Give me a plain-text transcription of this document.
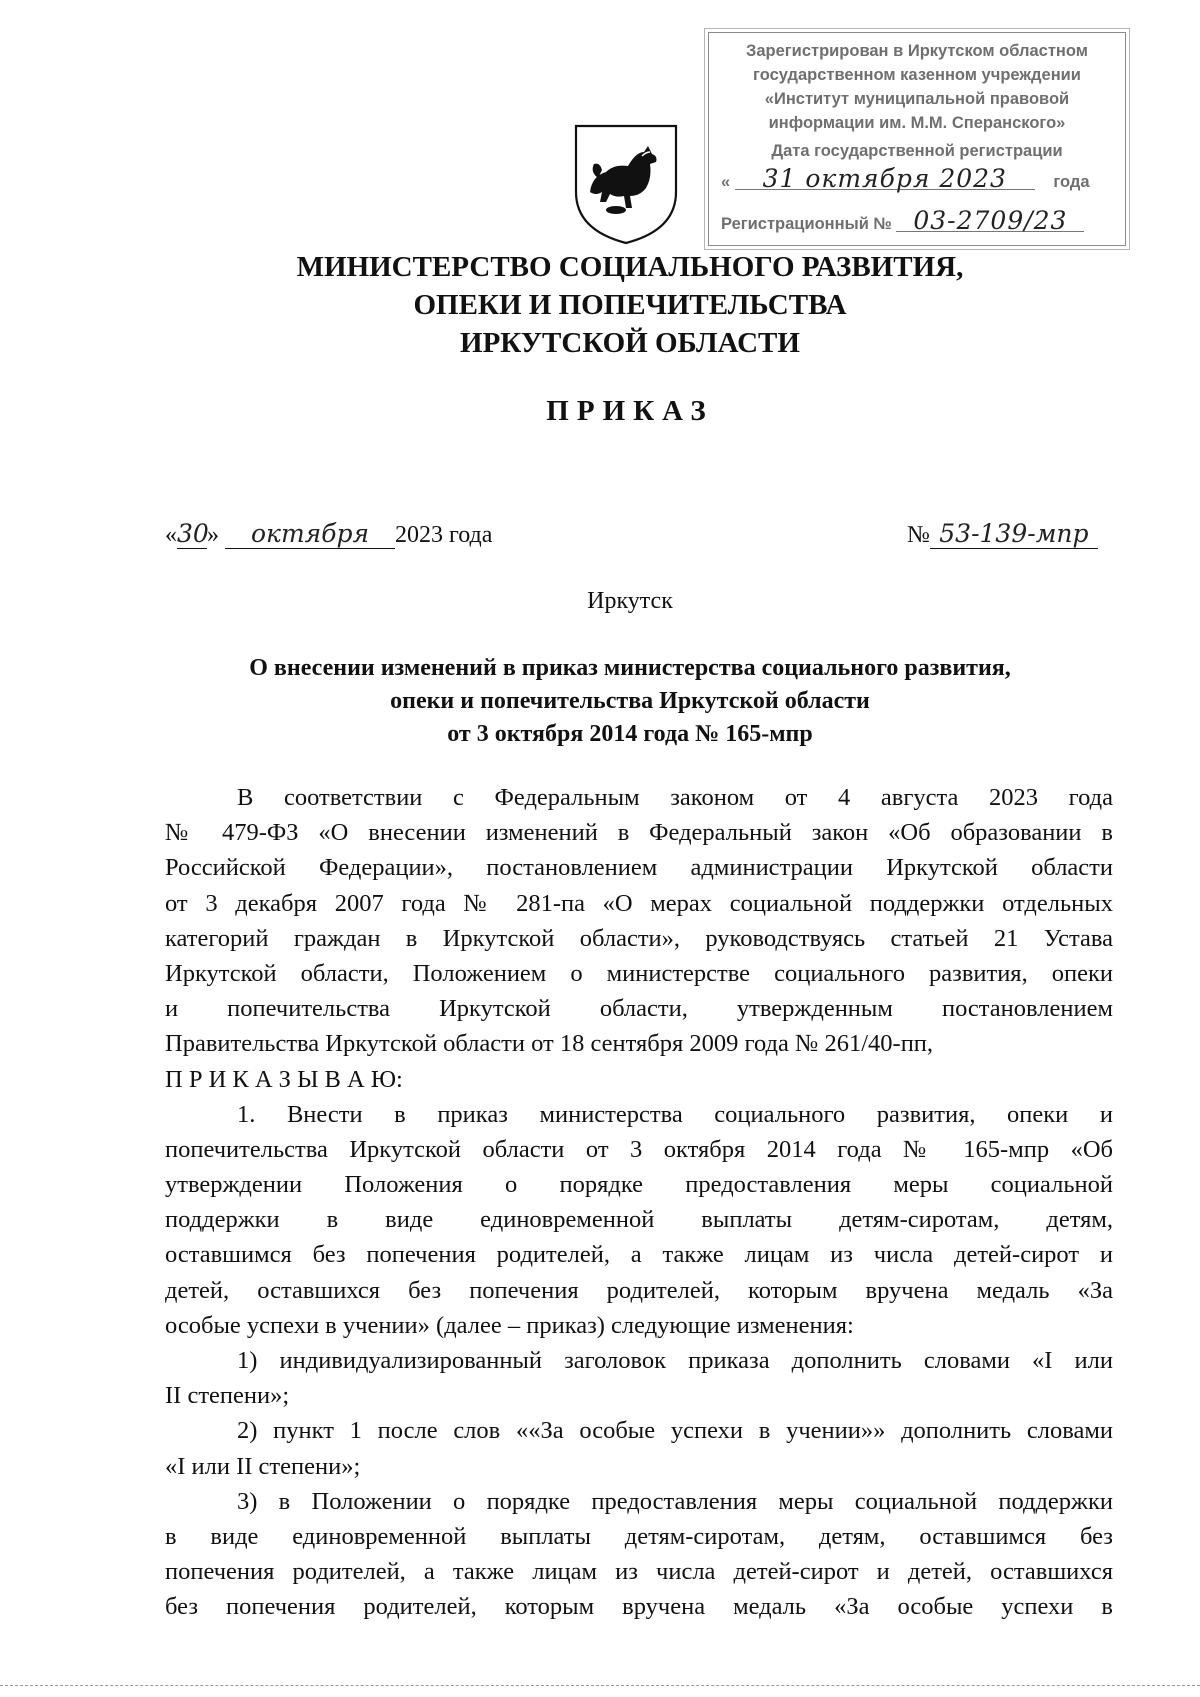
Зарегистрирован в Иркутском областном
государственном казенном учреждении
«Институт муниципальной правовой
информации им. М.М. Сперанского»
Дата государственной регистрации
« 31 октября 2023	года
Регистрационный № 03-2709/23
МИНИСТЕРСТВО СОЦИАЛЬНОГО РАЗВИТИЯ,
ОПЕКИ И ПОПЕЧИТЕЛЬСТВА
ИРКУТСКОЙ ОБЛАСТИ
ПРИКАЗ
«30» октября 2023 года	№ 53-139-мпр
Иркутск
О внесении изменений в приказ министерства социального развития,
опеки и попечительства Иркутской области
от 3 октября 2014 года № 165-мпр
В соответствии с Федеральным законом от 4 августа 2023 года
№ 479-ФЗ «О внесении изменений в Федеральный закон «Об образовании в
Российской Федерации», постановлением администрации Иркутской области
от 3 декабря 2007 года № 281-па «О мерах социальной поддержки отдельных
категорий граждан в Иркутской области», руководствуясь статьей 21 Устава
Иркутской области, Положением о министерстве социального развития, опеки
и попечительства Иркутской области, утвержденным постановлением
Правительства Иркутской области от 18 сентября 2009 года № 261/40-пп,
П Р И К А З Ы В А Ю:
1. Внести в приказ министерства социального развития, опеки и
попечительства Иркутской области от 3 октября 2014 года № 165-мпр «Об
утверждении Положения о порядке предоставления меры социальной
поддержки в виде единовременной выплаты детям-сиротам, детям,
оставшимся без попечения родителей, а также лицам из числа детей-сирот и
детей, оставшихся без попечения родителей, которым вручена медаль «За
особые успехи в учении» (далее – приказ) следующие изменения:
1) индивидуализированный заголовок приказа дополнить словами «I или
II степени»;
2) пункт 1 после слов ««За особые успехи в учении»» дополнить словами
«I или II степени»;
3) в Положении о порядке предоставления меры социальной поддержки
в виде единовременной выплаты детям-сиротам, детям, оставшимся без
попечения родителей, а также лицам из числа детей-сирот и детей, оставшихся
без попечения родителей, которым вручена медаль «За особые успехи в
